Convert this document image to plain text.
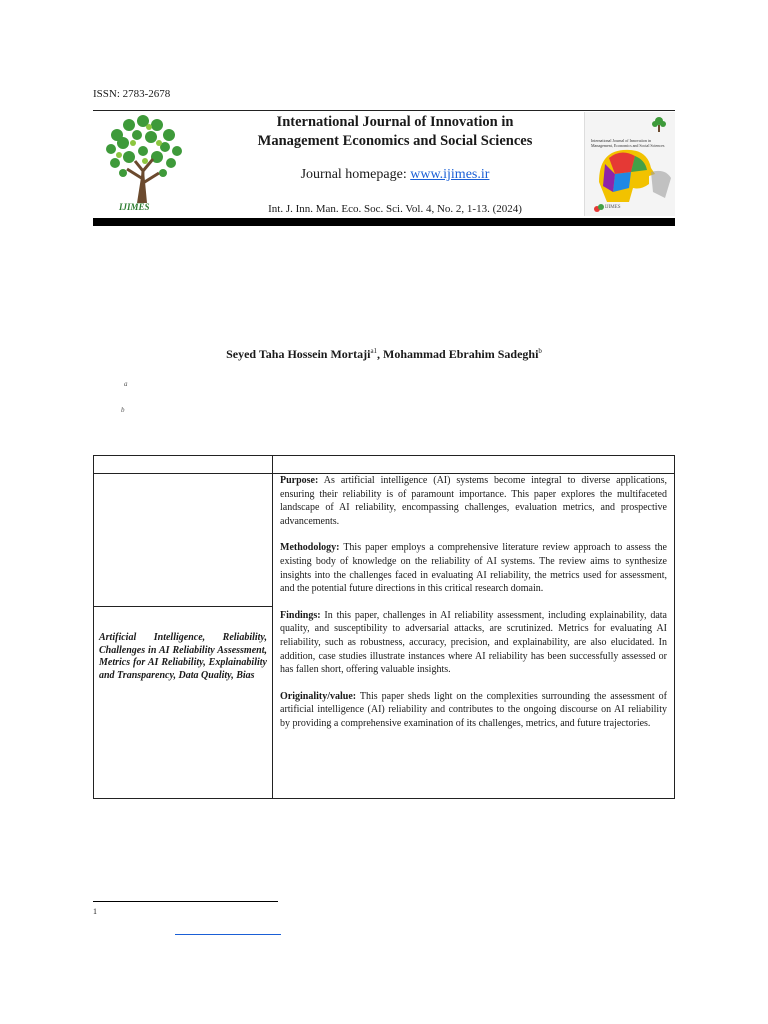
ISSN: 2783-2678
IJIMES
International Journal of Innovation in
Management Economics and Social Sciences
Journal homepage: www.ijimes.ir
Int. J. Inn. Man. Eco. Soc. Sci. Vol. 4, No. 2, 1-13. (2024)
International Journal of Innovation in Management, Economics and Social Sciences
IJIMES
Seyed Taha Hossein Mortaji$^{a1}$, Mohammad Ebrahim Sadeghi$^b$
a
b
Artificial Intelligence, Reliability, Challenges in AI Reliability Assessment, Metrics for AI Reliability, Explainability and Transparency, Data Quality, Bias

Purpose: As artificial intelligence (AI) systems become integral to diverse applications, ensuring their reliability is of paramount importance. This paper explores the multifaceted landscape of AI reliability, encompassing challenges, evaluation metrics, and prospective advancements.

Methodology: This paper employs a comprehensive literature review approach to assess the existing body of knowledge on the reliability of AI systems. The review aims to synthesize insights into the challenges faced in evaluating AI reliability, the metrics used for assessment, and the potential future directions in this critical research domain.

Findings: In this paper, challenges in AI reliability assessment, including explainability, data quality, and susceptibility to adversarial attacks, are scrutinized. Metrics for evaluating AI reliability, such as robustness, accuracy, precision, and explainability, are also elucidated. In addition, case studies illustrate instances where AI reliability has been successfully assessed or has fallen short, offering valuable insights.

Originality/value: This paper sheds light on the complexities surrounding the assessment of artificial intelligence (AI) reliability and contributes to the ongoing discourse on AI reliability by providing a comprehensive examination of its challenges, metrics, and future trajectories.

1
